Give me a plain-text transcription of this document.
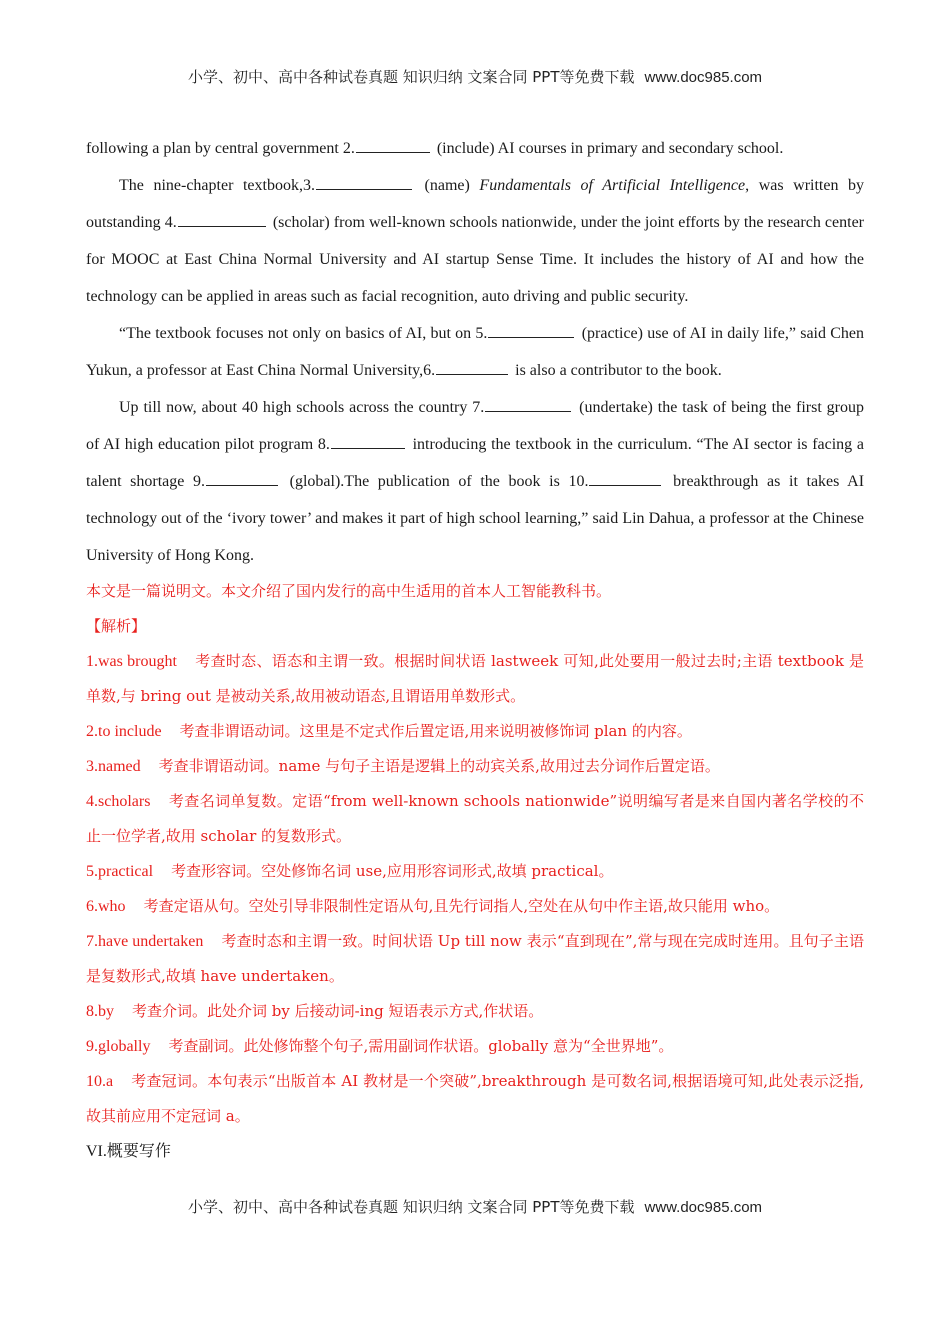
小学、初中、高中各种试卷真题 知识归纳 文案合同 PPT等免费下载 www.doc985.com

following a plan by central government 2.	(include) AI courses in primary and secondary school.

The nine-chapter textbook,3.	(name) Fundamentals of Artificial Intelligence, was written by outstanding 4.	(scholar) from well-known schools nationwide, under the joint efforts by the research center for MOOC at East China Normal University and AI startup Sense Time. It includes the history of AI and how the technology can be applied in areas such as facial recognition, auto driving and public security.

“The textbook focuses not only on basics of AI, but on 5.	(practice) use of AI in daily life,” said Chen Yukun, a professor at East China Normal University,6.	is also a contributor to the book.

Up till now, about 40 high schools across the country 7.	(undertake) the task of being the first group of AI high education pilot program 8.	introducing the textbook in the curriculum. “The AI sector is facing a talent shortage 9.	(global).The publication of the book is 10.	breakthrough as it takes AI technology out of the ‘ivory tower’ and makes it part of high school learning,” said Lin Dahua, a professor at the Chinese University of Hong Kong.

本文是一篇说明文。本文介绍了国内发行的高中生适用的首本人工智能教科书。

【解析】

1.was brought 考查时态、语态和主谓一致。根据时间状语 lastweek 可知,此处要用一般过去时;主语 textbook 是单数,与 bring out 是被动关系,故用被动语态,且谓语用单数形式。

2.to include 考查非谓语动词。这里是不定式作后置定语,用来说明被修饰词 plan 的内容。

3.named 考查非谓语动词。name 与句子主语是逻辑上的动宾关系,故用过去分词作后置定语。

4.scholars 考查名词单复数。定语“from well-known schools nationwide”说明编写者是来自国内著名学校的不止一位学者,故用 scholar 的复数形式。

5.practical 考查形容词。空处修饰名词 use,应用形容词形式,故填 practical。

6.who 考查定语从句。空处引导非限制性定语从句,且先行词指人,空处在从句中作主语,故只能用 who。

7.have undertaken 考查时态和主谓一致。时间状语 Up till now 表示“直到现在”,常与现在完成时连用。且句子主语是复数形式,故填 have undertaken。

8.by 考查介词。此处介词 by 后接动词-ing 短语表示方式,作状语。

9.globally 考查副词。此处修饰整个句子,需用副词作状语。globally 意为“全世界地”。

10.a 考查冠词。本句表示“出版首本 AI 教材是一个突破”,breakthrough 是可数名词,根据语境可知,此处表示泛指,故其前应用不定冠词 a。

VI.概要写作

小学、初中、高中各种试卷真题 知识归纳 文案合同 PPT等免费下载 www.doc985.com
